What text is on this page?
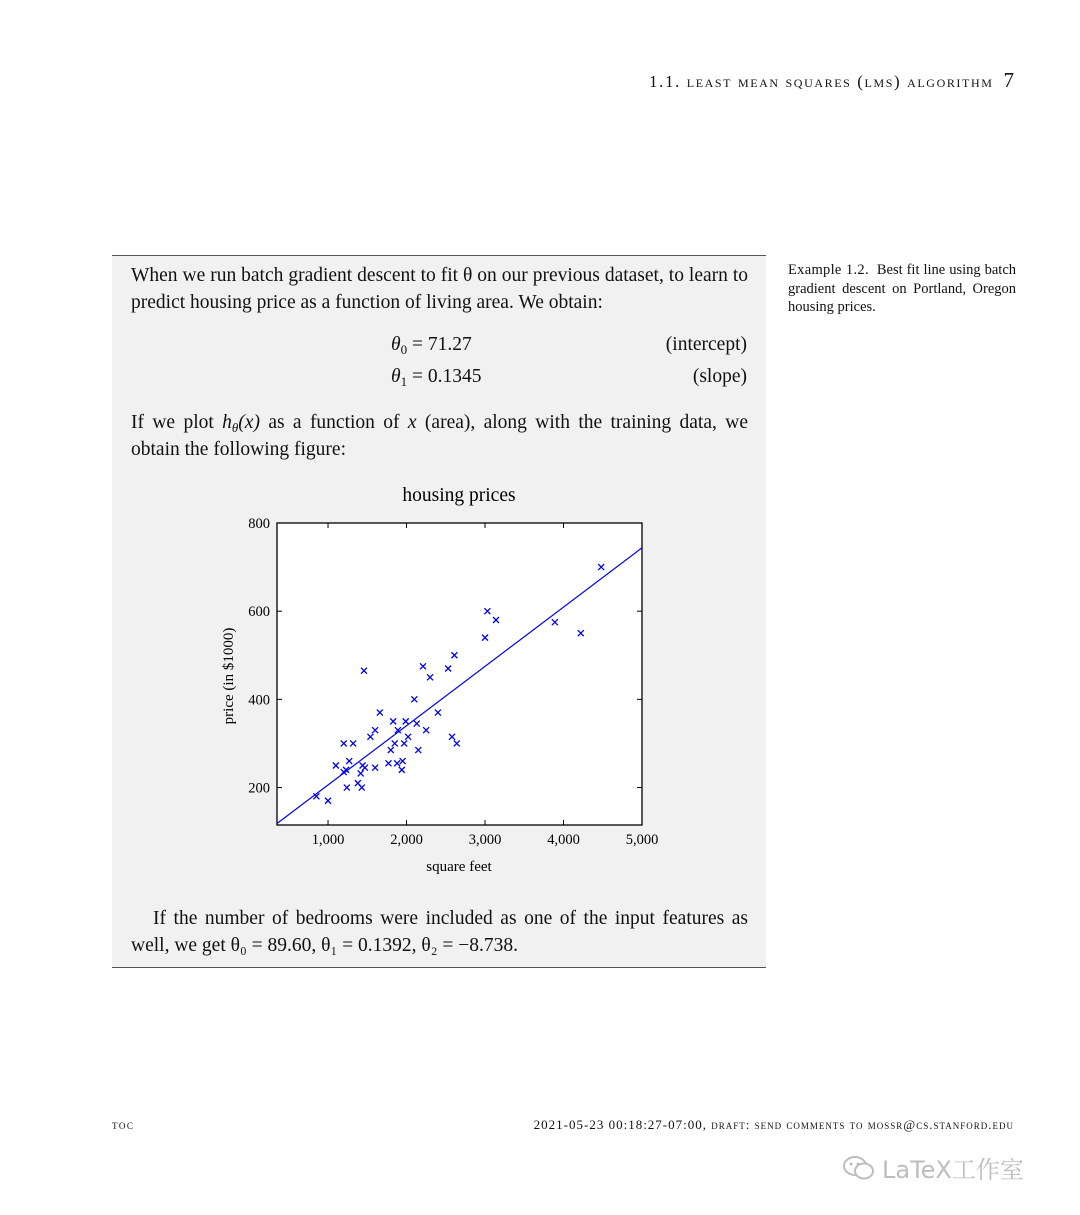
1.1. least mean squares (lms) algorithm 7
When we run batch gradient descent to fit θ on our previous dataset, to learn to predict housing price as a function of living area. We obtain:
$\theta_0 = 71.27$	(intercept)
$\theta_1 = 0.1345$	(slope)
If we plot $h_\theta(x)$ as a function of x (area), along with the training data, we obtain the following figure:
housing prices
1,000	2,000	3,000	4,000	5,000
200
400
600
800
square feet
price (in $1000)
If the number of bedrooms were included as one of the input features as well, we get θ₀ = 89.60, θ₁ = 0.1392, θ₂ = −8.738.
Example 1.2. Best fit line using batch gradient descent on Portland, Oregon housing prices.
toc	2021-05-23 00:18:27-07:00, draft: send comments to mossr@cs.stanford.edu
LaTeX工作室
